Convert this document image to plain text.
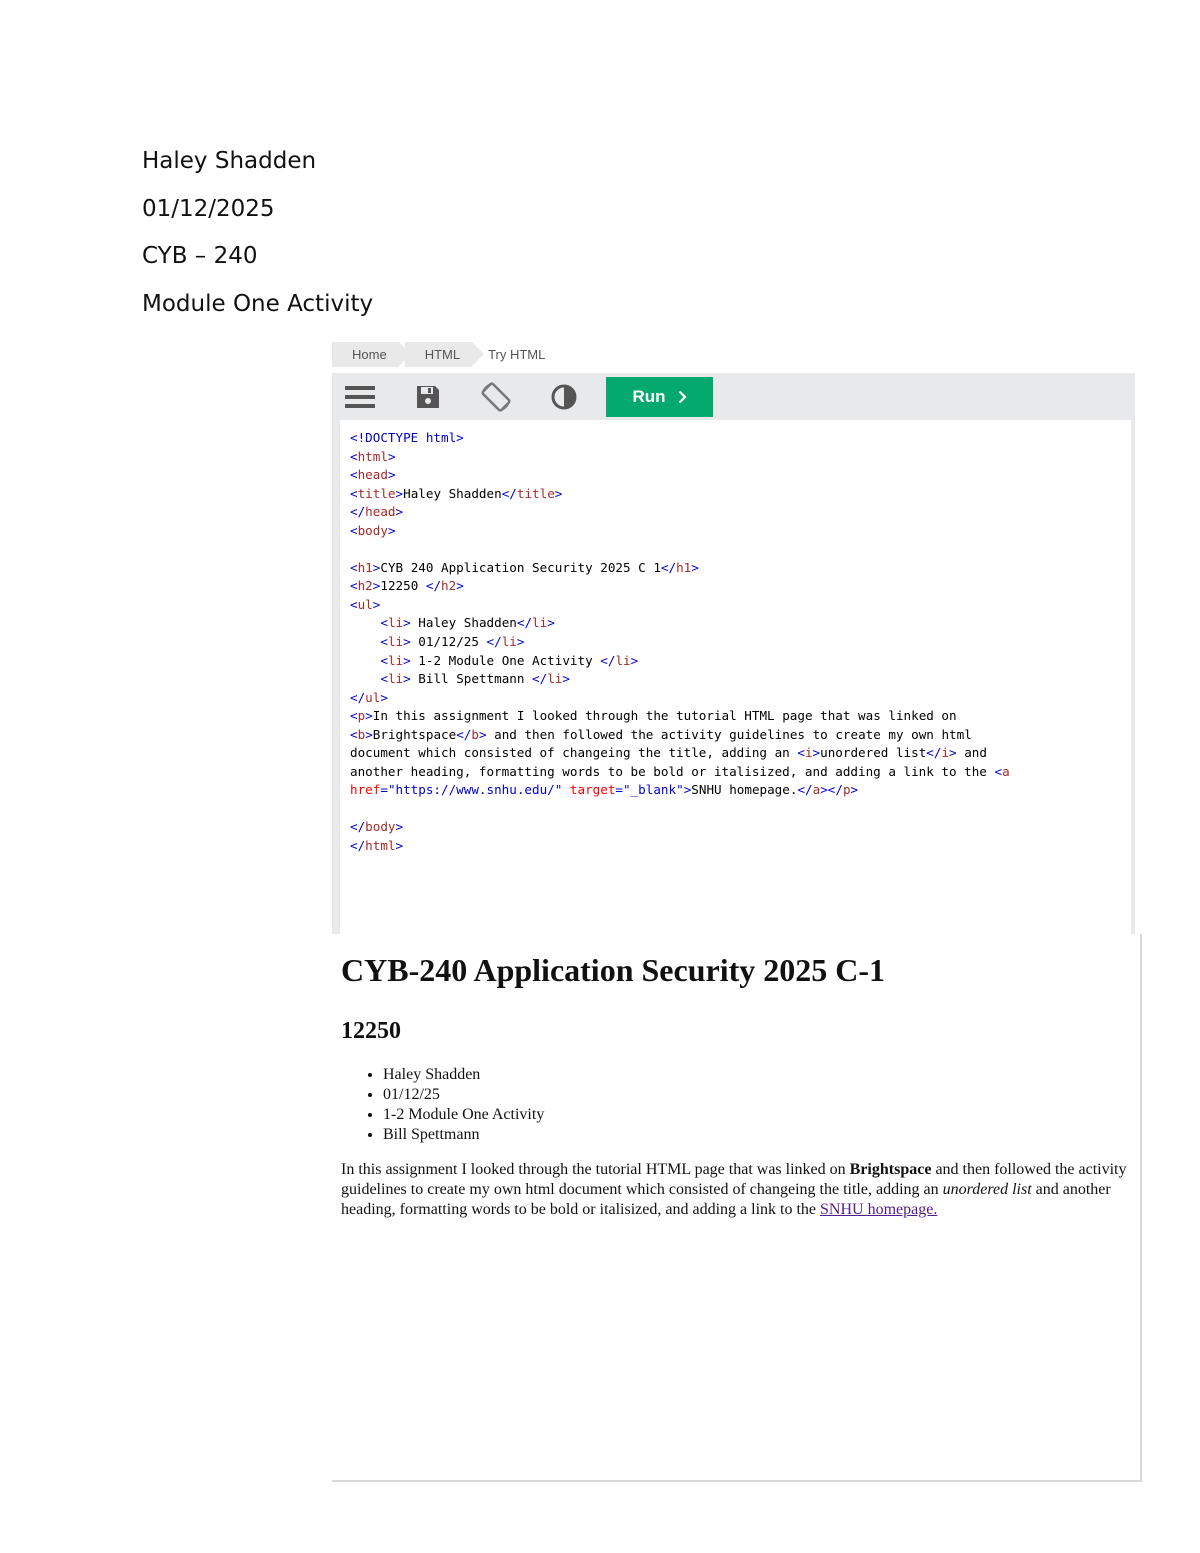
Haley Shadden
01/12/2025
CYB – 240
Module One Activity
Home	HTML	Try HTML
Run
<!DOCTYPE html>
<html>
<head>
<title>Haley Shadden</title>
</head>
<body>

<h1>CYB 240 Application Security 2025 C 1</h1>
<h2>12250 </h2>
<ul>
<li> Haley Shadden</li>
<li> 01/12/25 </li>
<li> 1-2 Module One Activity </li>
<li> Bill Spettmann </li>
</ul>
<p>In this assignment I looked through the tutorial HTML page that was linked on
<b>Brightspace</b> and then followed the activity guidelines to create my own html
document which consisted of changeing the title, adding an <i>unordered list</i> and
another heading, formatting words to be bold or italisized, and adding a link to the <a
href="https://www.snhu.edu/" target="_blank">SNHU homepage.</a></p>

</body>
</html>
CYB-240 Application Security 2025 C-1
12250
• Haley Shadden
• 01/12/25
• 1-2 Module One Activity
• Bill Spettmann

In this assignment I looked through the tutorial HTML page that was linked on Brightspace and then followed the activity guidelines to create my own html document which consisted of changeing the title, adding an unordered list and another heading, formatting words to be bold or italisized, and adding a link to the SNHU homepage.
